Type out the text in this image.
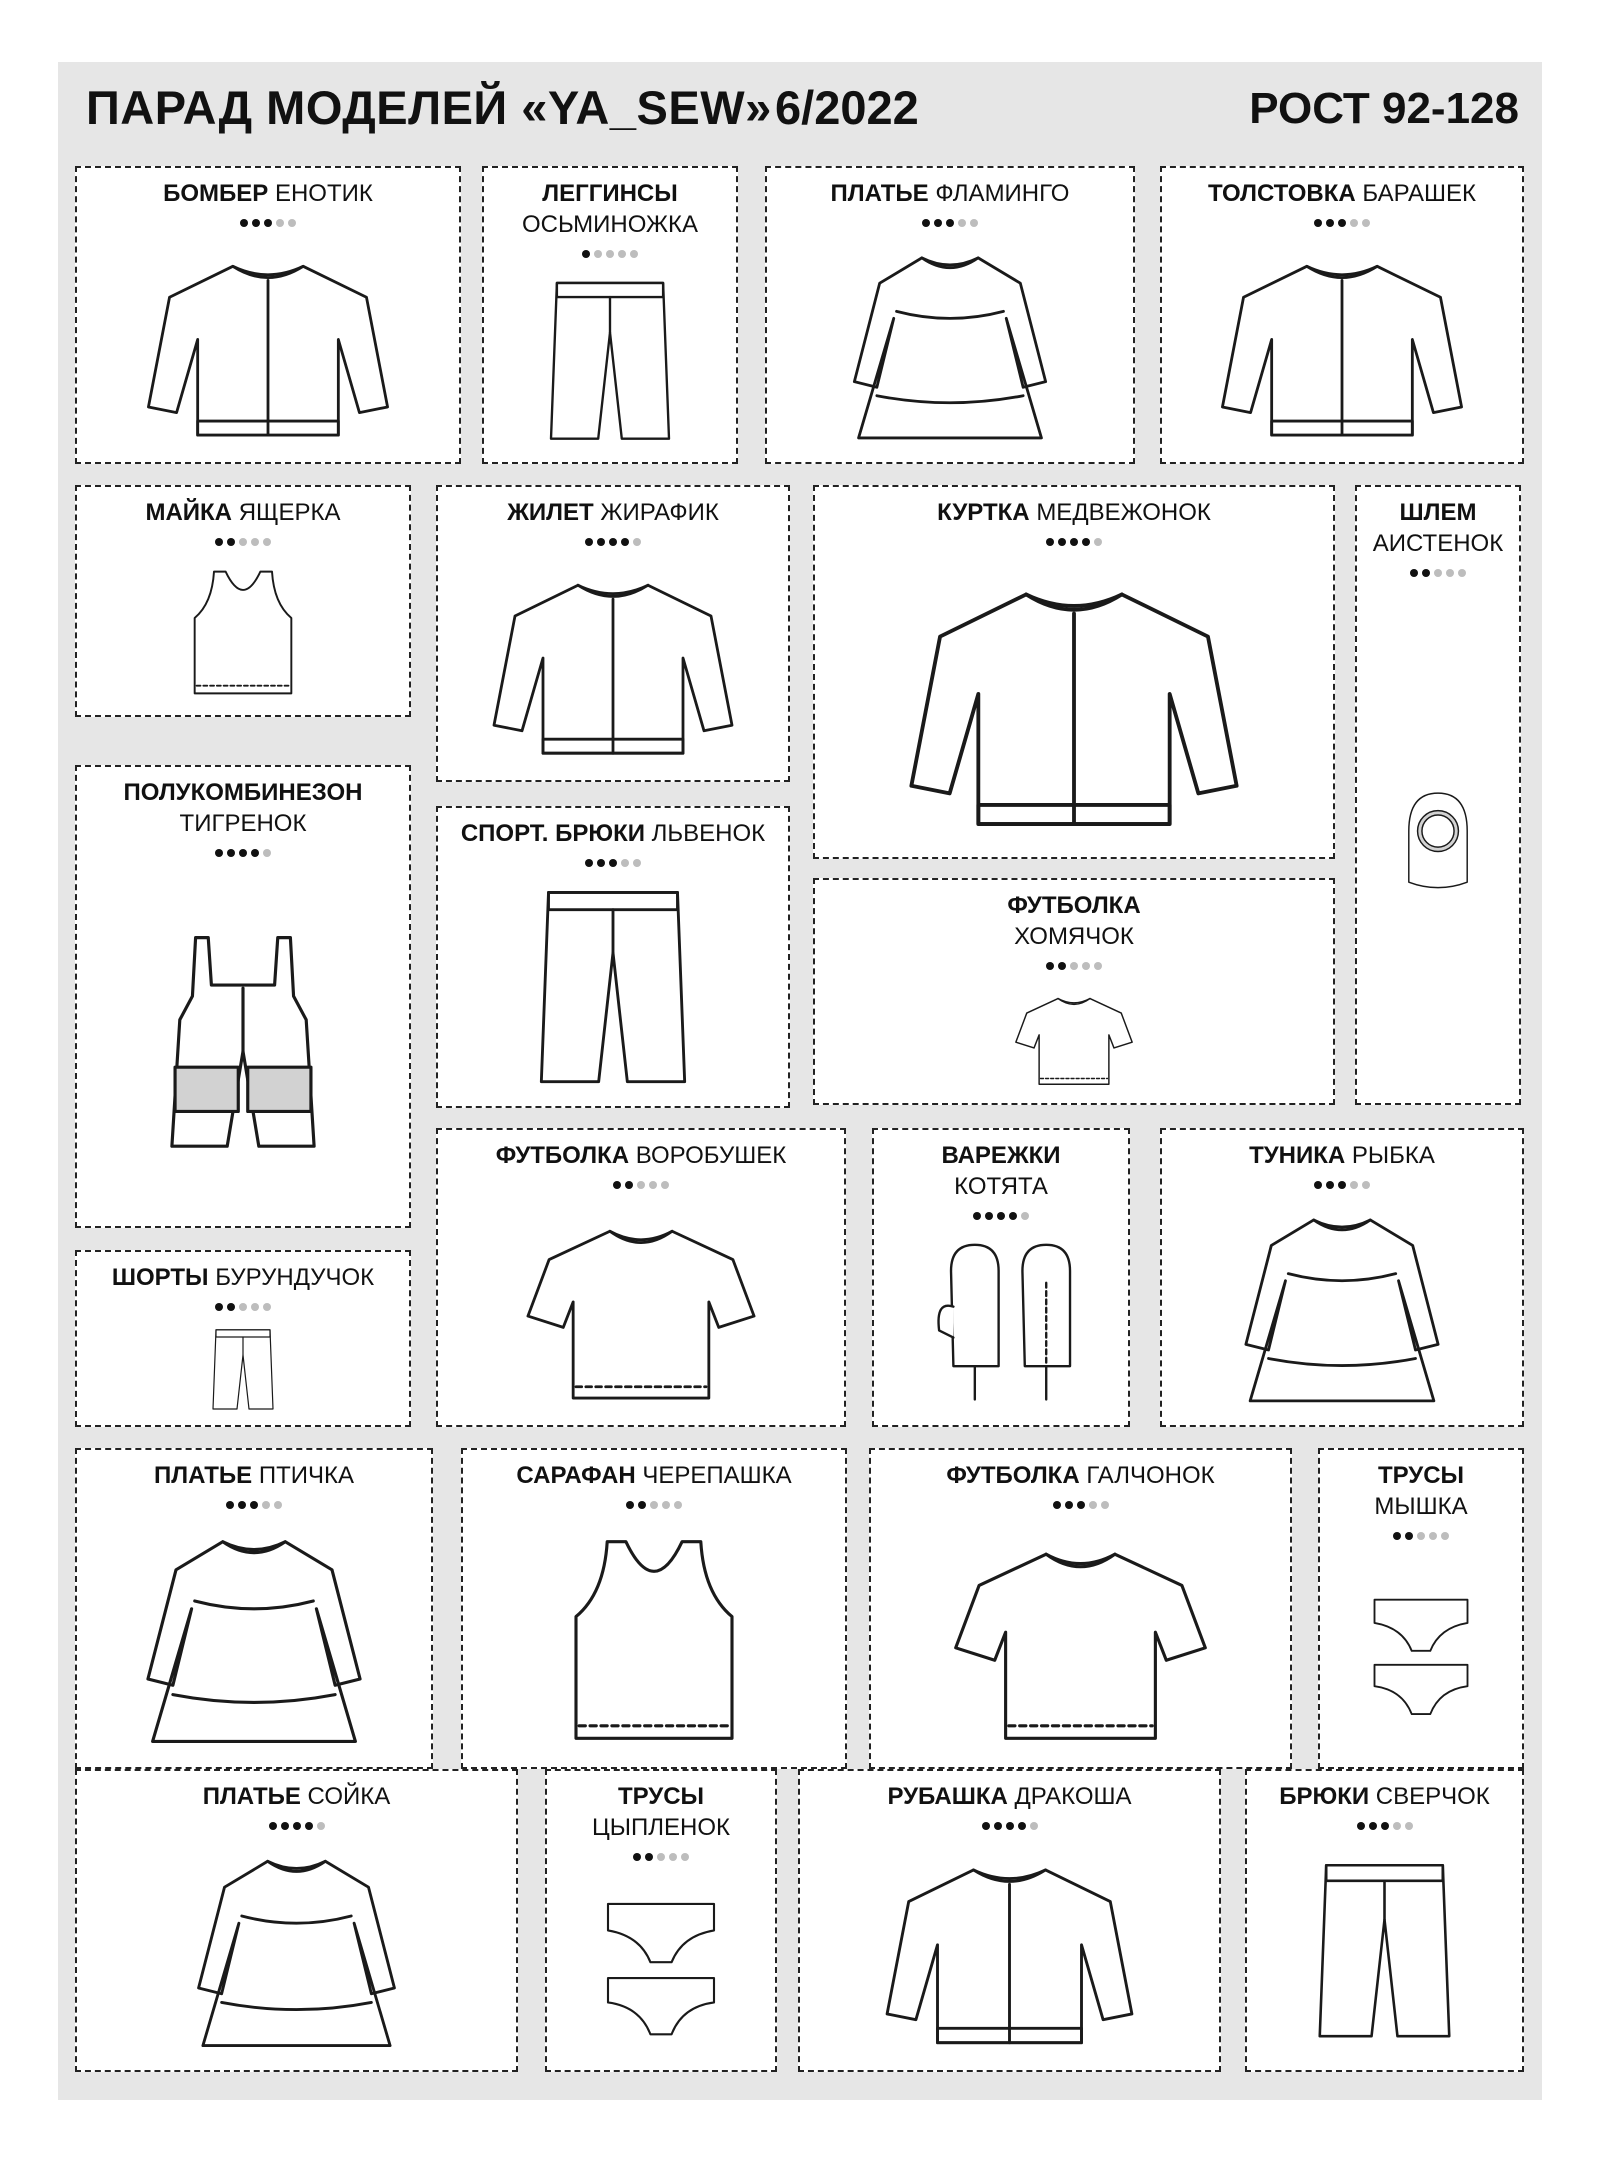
ПАРАД МОДЕЛЕЙ «YA_SEW» 6/2022	РОСТ 92-128
БОМБЕР ЕНОТИК	ЛЕГГИНСЫ
ОСЬМИНОЖКА
ПЛАТЬЕ ФЛАМИНГО	ТОЛСТОВКА БАРАШЕК
МАЙКА ЯЩЕРКА	ЖИЛЕТ ЖИРАФИК	КУРТКА МЕДВЕЖОНОК	ШЛЕМ
АИСТЕНОК
ПОЛУКОМБИНЕЗОН
ТИГРЕНОК	СПОРТ. БРЮКИ ЛЬВЕНОК
ФУТБОЛКА
ХОМЯЧОК
ФУТБОЛКА ВОРОБУШЕК	ВАРЕЖКИ
КОТЯТА
ТУНИКА РЫБКА
ШОРТЫ БУРУНДУЧОК
ПЛАТЬЕ ПТИЧКА	САРАФАН ЧЕРЕПАШКА	ФУТБОЛКА ГАЛЧОНОК	ТРУСЫ
МЫШКА
ПЛАТЬЕ СОЙКА	ТРУСЫ
ЦЫПЛЕНОК
РУБАШКА ДРАКОША	БРЮКИ СВЕРЧОК
